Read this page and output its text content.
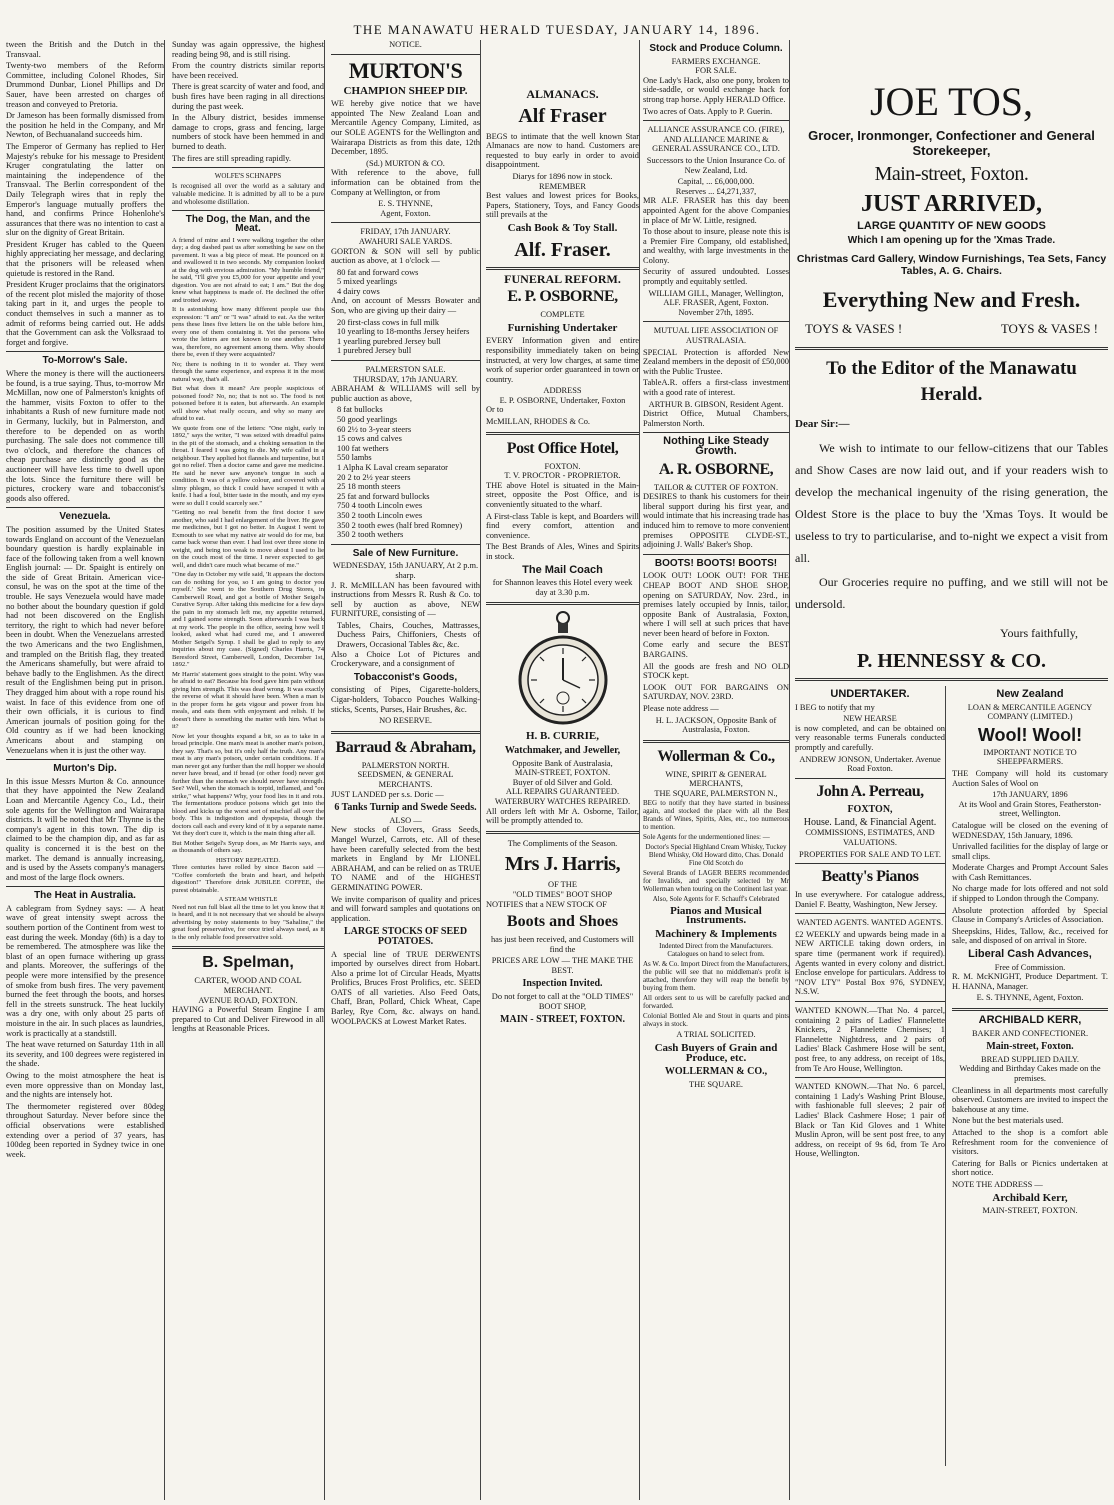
THE MANAWATU HERALD TUESDAY, JANUARY 14, 1896.

tween the British and the Dutch in the Transvaal.

Twenty-two members of the Reform Committee, including Colonel Rhodes, Sir Drummond Dunbar, Lionel Phillips and Dr Sauer, have been arrested on charges of treason and conveyed to Pretoria.

Dr Jameson has been formally dismissed from the position he held in the Company, and Mr Newton, of Bechuanaland succeeds him.

The Emperor of Germany has replied to Her Majesty's rebuke for his message to President Kruger congratulating the latter on maintaining the independence of the Transvaal. The Berlin correspondent of the Daily Telegraph wires that in reply the Emperor's language mutually proffers the hand, and confirms Prince Hohenlohe's assurances that there was no intention to cast a slur on the dignity of Great Britain.

President Kruger has cabled to the Queen highly appreciating her message, and declaring that the prisoners will be released when quietude is restored in the Rand.

President Kruger proclaims that the originators of the recent plot misled the majority of those taking part in it, and urges the people to conduct themselves in such a manner as to admit of reforms being carried out. He adds that the Government can ask the Volksraad to forget and forgive.

To-Morrow's Sale.

Where the money is there will the auctioneers be found, is a true saying. Thus, to-morrow Mr McMillan, now one of Palmerston's knights of the hammer, visits Foxton to offer to the inhabitants a Rush of new furniture made not in Germany, luckily, but in Palmerston, and therefore to be depended on as worth purchasing. The sale does not commence till two o'clock, and therefore the chances of cheap purchase are distinctly good as the auctioneer will have less time to dwell upon the lots. Since the furniture there will be pictures, crockery ware and tobacconist's goods also offered.

Venezuela.

The position assumed by the United States towards England on account of the Venezuelan boundary question is hardly explainable in face of the following taken from a well known English journal: — Dr. Spaight is entirely on the side of Great Britain. American vice-consul, he was on the spot at the time of the trouble. He says Venezuela would have made no bother about the boundary question if gold had not been discovered on the English territory, the right to which had never before been in doubt. When the Venezuelans arrested the two Americans and the two Englishmen, and trampled on the British flag, they treated the Americans shamefully, but were afraid to behave badly to the Englishmen. As the direct result of the Englishmen being put in prison. They dragged him about with a rope round his waist. In face of this evidence from one of their own officials, it is curious to find American journals of position going for the Old country as if we had been knocking Americans about and stamping on Venezuelans when it is just the other way.

Murton's Dip.

In this issue Messrs Murton & Co. announce that they have appointed the New Zealand Loan and Mercantile Agency Co., Ld., their sole agents for the Wellington and Wairarapa districts. It will be noted that Mr Thynne is the company's agent in this town. The dip is claimed to be the champion dip, and as far as quality is concerned it is the best on the market. The demand is annually increasing, and is used by the Assets company's managers and most of the large flock owners.

The Heat in Australia.

A cablegram from Sydney says: — A heat wave of great intensity swept across the southern portion of the Continent from west to east during the week. Monday (6th) is a day to be remembered. The atmosphere was like the blast of an open furnace withering up grass and plants. Moreover, the sufferings of the people were more intensified by the presence of smoke from bush fires. The very pavement burned the feet through the boots, and horses fell in the streets sunstruck. The heat luckily was a dry one, with only about 25 parts of moisture in the air. In such places as laundries, work is practically at a standstill.

The heat wave returned on Saturday 11th in all its severity, and 100 degrees were registered in the shade.

Owing to the moist atmosphere the heat is even more oppressive than on Monday last, and the nights are intensely hot.

The thermometer registered over 80deg throughout Saturday. Never before since the official observations were established extending over a period of 37 years, has 100deg been reported in Sydney twice in one week.

Sunday was again oppressive, the highest reading being 98, and is still rising.

From the country districts similar reports have been received.

There is great scarcity of water and food, and bush fires have been raging in all directions during the past week.

In the Albury district, besides immense damage to crops, grass and fencing, large numbers of stock have been hemmed in and burned to death.

The fires are still spreading rapidly.

WOLFE'S SCHNAPPS

Is recognised all over the world as a salutary and valuable medicine. It is admitted by all to be a pure and wholesome distillation.

The Dog, the Man, and the Meat.

A friend of mine and I were walking together the other day; a dog dashed past us after something he saw on the pavement. It was a big piece of meat. He pounced on it and swallowed it in two seconds. My companion looked at the dog with envious admiration. "My humble friend," he said, "I'll give you £5,000 for your appetite and your digestion. You are not afraid to eat; I am." But the dog knew what happiness is made of. He declined the offer and trotted away.

It is astonishing how many different people use this expression: "I am" or "I was" afraid to eat. As the writer pens these lines five letters lie on the table before him, every one of them containing it. Yet the persons who wrote the letters are not known to one another. There was, therefore, no agreement among them. Why should there be, even if they were acquainted?

No; there is nothing in it to wonder at. They went through the same experience, and express it in the most natural way, that's all.

But what does it mean? Are people suspicious of poisoned food? No, no; that is not so. The food is not poisoned before it is eaten, but afterwards. An example will show what really occurs, and why so many are afraid to eat.

We quote from one of the letters: "One night, early in 1892," says the writer, "I was seized with dreadful pains in the pit of the stomach, and a choking sensation in the throat. I feared I was going to die. My wife called in a neighbour. They applied hot flannels and turpentine, but I got no relief. Then a doctor came and gave me medicine. He said he never saw anyone's tongue in such a condition. It was of a yellow colour, and covered with a slimy phlegm, so thick I could have scraped it with a knife. I had a foul, bitter taste in the mouth, and my eyes were so dull I could scarcely see."

"Getting no real benefit from the first doctor I saw another, who said I had enlargement of the liver. He gave me medicines, but I got no better. In August I went to Exmouth to see what my native air would do for me, but came back worse than ever. I had lost over three stone in weight, and being too weak to move about I used to lie on the couch most of the time. I never expected to get well, and didn't care much what became of me."

"One day in October my wife said, 'It appears the doctors can do nothing for you, so I am going to doctor you myself.' She went to the Southern Drug Stores, in Camberwell Road, and got a bottle of Mother Seigel's Curative Syrup. After taking this medicine for a few days the pain in my stomach left me, my appetite returned, and I gained some strength. Soon afterwards I was back at my work. The people in the office, seeing how well I looked, asked what had cured me, and I answered Mother Seigel's Syrup. I shall be glad to reply to any inquiries about my case. (Signed) Charles Harris, 74 Beresford Street, Camberwell, London, December 1st, 1892."

Mr Harris' statement goes straight to the point. Why was he afraid to eat? Because his food gave him pain without giving him strength. This was dead wrong. It was exactly the reverse of what it should have been. When a man is in the proper form he gets vigour and power from his meals, and eats them with enjoyment and relish. If he doesn't there is something the matter with him. What is it?

Now let your thoughts expand a bit, so as to take in a broad principle. One man's meat is another man's poison, they say. That's so, but it's only half the truth. Any man's meat is any man's poison, under certain conditions. If a man never got any further than the mill hopper we should never have bread, and if bread (or other food) never got further than the stomach we should never have strength. See? Well, when the stomach is torpid, inflamed, and "on strike," what happens? Why, your food lies in it and rots. The fermentations produce poisons which get into the blood and kicks up the worst sort of mischief all over the body. This is indigestion and dyspepsia, though the doctors call each and every kind of it by a separate name. Yet they don't cure it, which is the main thing after all.

But Mother Seigel's Syrup does, as Mr Harris says, and as thousands of others say.

HISTORY REPEATED.

Three centuries have rolled by since Bacon said — "Coffee comforteth the brain and heart, and helpeth digestion!" Therefore drink JUBILEE COFFEE, the purest obtainable.

A STEAM WHISTLE

Need not run full blast all the time to let you know that it is heard, and it is not necessary that we should be always advertising by noisy statements to buy "Sahaline," the great food preservative, for once tried always used, as it is the only reliable food preservative sold.

B. Spelman,
CARTER, WOOD AND COAL MERCHANT.
AVENUE ROAD, FOXTON.

HAVING a Powerful Steam Engine I am prepared to Cut and Deliver Firewood in all lengths at Reasonable Prices.

NOTICE.
MURTON'S
CHAMPION SHEEP DIP.

WE hereby give notice that we have appointed The New Zealand Loan and Mercantile Agency Company, Limited, as our SOLE AGENTS for the Wellington and Wairarapa Districts as from this date, 12th December, 1895.

(Sd.) MURTON & CO.

With reference to the above, full information can be obtained from the Company at Wellington, or from

E. S. THYNNE,
Agent, Foxton.
FRIDAY, 17th JANUARY.
AWAHURI SALE YARDS.

GORTON & SON will sell by public auction as above, at 1 o'clock —

80 fat and forward cows

5 mixed yearlings

4 dairy cows

And, on account of Messrs Bowater and Son, who are giving up their dairy —

20 first-class cows in full milk

10 yearling to 18-months Jersey heifers

1 yearling purebred Jersey bull

1 purebred Jersey bull

PALMERSTON SALE.
THURSDAY, 17th JANUARY.

ABRAHAM & WILLIAMS will sell by public auction as above,

8 fat bullocks

50 good yearlings

60 2½ to 3-year steers

15 cows and calves

100 fat wethers

550 lambs

1 Alpha K Laval cream separator

20 2 to 2½ year steers

25 18 month steers

25 fat and forward bullocks

750 4 tooth Lincoln ewes

350 2 tooth Lincoln ewes

350 2 tooth ewes (half bred Romney)

350 2 tooth wethers

Sale of New Furniture.
WEDNESDAY, 15th JANUARY, At 2 p.m. sharp.

J. R. McMILLAN has been favoured with instructions from Messrs R. Rush & Co. to sell by auction as above, NEW FURNITURE, consisting of —

Tables, Chairs, Couches, Mattrasses, Duchess Pairs, Chiffoniers, Chests of Drawers, Occasional Tables &c, &c.

Also a Choice Lot of Pictures and Crockeryware, and a consignment of

Tobacconist's Goods,

consisting of Pipes, Cigarette-holders, Cigar-holders, Tobacco Pouches Walking-sticks, Scents, Purses, Hair Brushes, &c.

NO RESERVE.
Barraud & Abraham,
PALMERSTON NORTH.
SEEDSMEN, & GENERAL MERCHANTS.

JUST LANDED per s.s. Doric —

6 Tanks Turnip and Swede Seeds.
ALSO —

New stocks of Clovers, Grass Seeds, Mangel Wurzel, Carrots, etc. All of these have been carefully selected from the best markets in England by Mr LIONEL ABRAHAM, and can be relied on as TRUE TO NAME and of the HIGHEST GERMINATING POWER.

We invite comparison of quality and prices and will forward samples and quotations on application.

LARGE STOCKS OF SEED POTATOES.

A special line of TRUE DERWENTS imported by ourselves direct from Hobart. Also a prime lot of Circular Heads, Myatts Prolifics, Bruces Frost Prolifics, etc. SEED OATS of all varieties. Also Feed Oats, Chaff, Bran, Pollard, Chick Wheat, Cape Barley, Rye Corn, &c. always on hand. WOOLPACKS at Lowest Market Rates.

ALMANACS.
Alf Fraser

BEGS to intimate that the well known Star Almanacs are now to hand. Customers are requested to buy early in order to avoid disappointment.

Diarys for 1896 now in stock.
REMEMBER

Best values and lowest prices for Books, Papers, Stationery, Toys, and Fancy Goods still prevails at the

Cash Book & Toy Stall.
Alf. Fraser.
FUNERAL REFORM.
E. P. OSBORNE,
COMPLETE
Furnishing Undertaker

EVERY Information given and entire responsibility immediately taken on being instructed, at very low charges, at same time work of superior order guaranteed in town or country.

ADDRESS
E. P. OSBORNE, Undertaker, Foxton

Or to

McMILLAN, RHODES & Co.

Post Office Hotel,
FOXTON.
T. V. PROCTOR - PROPRIETOR.

THE above Hotel is situated in the Main-street, opposite the Post Office, and is conveniently situated to the wharf.

A First-class Table is kept, and Boarders will find every comfort, attention and convenience.

The Best Brands of Ales, Wines and Spirits in stock.

The Mail Coach

for Shannon leaves this Hotel every week day at 3.30 p.m.

H. B. CURRIE,
Watchmaker, and Jeweller,
Opposite Bank of Australasia,
MAIN-STREET, FOXTON.
Buyer of old Silver and Gold.
ALL REPAIRS GUARANTEED.
WATERBURY WATCHES REPAIRED.

All orders left with Mr A. Osborne, Tailor, will be promptly attended to.

The Compliments of the Season.
Mrs J. Harris,
OF THE
"OLD TIMES" BOOT SHOP

NOTIFIES that a NEW STOCK OF

Boots and Shoes

has just been received, and Customers will find the

PRICES ARE LOW — THE MAKE THE BEST.
Inspection Invited.
Do not forget to call at the "OLD TIMES" BOOT SHOP,
MAIN - STREET, FOXTON.
Stock and Produce Column.
FARMERS EXCHANGE.
FOR SALE.

One Lady's Hack, also one pony, broken to side-saddle, or would exchange hack for strong trap horse. Apply HERALD Office.

Two acres of Oats. Apply to P. Guerin.

ALLIANCE ASSURANCE CO. (FIRE), AND ALLIANCE MARINE & GENERAL ASSURANCE CO., LTD.

Successors to the Union Insurance Co. of New Zealand, Ltd.

Capital, ... £6,000,000.
Reserves ... £4,271,337,

MR ALF. FRASER has this day been appointed Agent for the above Companies in place of Mr W. Little, resigned.

To those about to insure, please note this is a Premier Fire Company, old established, and wealthy, with large investments in the Colony.

Security of assured undoubted. Losses promptly and equitably settled.

WILLIAM GILL, Manager, Wellington,
ALF. FRASER, Agent, Foxton.
November 27th, 1895.

MUTUAL LIFE ASSOCIATION OF AUSTRALASIA.

SPECIAL Protection is afforded New Zealand members in the deposit of £50,000 with the Public Trustee.

TableA.R. offers a first-class investment with a good rate of interest.

ARTHUR B. GIBSON, Resident Agent.

District Office, Mutual Chambers, Palmerston North.

Nothing Like Steady Growth.
A. R. OSBORNE,
TAILOR & CUTTER OF FOXTON.

DESIRES to thank his customers for their liberal support during his first year, and would intimate that his increasing trade has induced him to remove to more convenient premises OPPOSITE CLYDE-ST., adjoining J. Walls' Baker's Shop.

BOOTS! BOOTS! BOOTS!

LOOK OUT! LOOK OUT! FOR THE CHEAP BOOT AND SHOE SHOP, opening on SATURDAY, Nov. 23rd., in premises lately occupied by Innis, tailor, opposite Bank of Australasia, Foxton, where I will sell at such prices that have never been heard of before in Foxton.

Come early and secure the BEST BARGAINS.

All the goods are fresh and NO OLD STOCK kept.

LOOK OUT FOR BARGAINS ON SATURDAY, NOV. 23RD.

Please note address —

H. L. JACKSON, Opposite Bank of Australasia, Foxton.

Wollerman & Co.,
WINE, SPIRIT & GENERAL MERCHANTS,
THE SQUARE, PALMERSTON N.,

BEG to notify that they have started in business again, and stocked the place with all the Best Brands of Wines, Spirits, Ales, etc., too numerous to mention.

Sole Agents for the undermentioned lines: —

Doctor's Special Highland Cream Whisky, Tuckey Blend Whisky, Old Howard ditto, Chas. Donald Fine Old Scotch do

Several Brands of LAGER BEERS recommended for Invalids, and specially selected by Mr Wollerman when touring on the Continent last year.

Also, Sole Agents for F. Schauff's Celebrated

Pianos and Musical Instruments.
Machinery & Implements

Indented Direct from the Manufacturers. Catalogues on hand to select from.

As W. & Co. Import Direct from the Manufacturers, the public will see that no middleman's profit is attached, therefore they will reap the benefit by buying from them.

All orders sent to us will be carefully packed and forwarded.

Colonial Bottled Ale and Stout in quarts and pints always in stock.

A TRIAL SOLICITED.
Cash Buyers of Grain and Produce, etc.
WOLLERMAN & CO.,
THE SQUARE.
JOE TOS,
Grocer, Ironmonger, Confectioner and General Storekeeper,
Main-street, Foxton.
JUST ARRIVED,
LARGE QUANTITY OF NEW GOODS
Which I am opening up for the 'Xmas Trade.
Christmas Card Gallery, Window Furnishings, Tea Sets, Fancy Tables, A. G. Chairs.
Everything New and Fresh.
TOYS & VASES !	TOYS & VASES !
To the Editor of the Manawatu
Herald.
Dear Sir:—

We wish to intimate to our fellow-citizens that our Tables and Show Cases are now laid out, and if your readers wish to develop the mechanical ingenuity of the rising generation, the Oldest Store is the place to buy the 'Xmas Toys. It would be useless to try to particularise, and to-night we expect a visit from all.

Our Groceries require no puffing, and we still will not be undersold.

Yours faithfully,
P. HENNESSY & CO.
UNDERTAKER.

I BEG to notify that my

NEW HEARSE

is now completed, and can be obtained on very reasonable terms Funerals conducted promptly and carefully.

ANDREW JONSON, Undertaker. Avenue Road Foxton.

John A. Perreau,
FOXTON,
House. Land, & Financial Agent.

COMMISSIONS, ESTIMATES, AND VALUATIONS.

PROPERTIES FOR SALE AND TO LET.

Beatty's Pianos

In use everywhere. For catalogue address, Daniel F. Beatty, Washington, New Jersey.

WANTED AGENTS. WANTED AGENTS.

£2 WEEKLY and upwards being made in a NEW ARTICLE taking down orders, in spare time (permanent work if required). Agents wanted in every colony and district. Enclose envelope for particulars. Address to "NOV LTY" Postal Box 976, SYDNEY, N.S.W.

WANTED KNOWN.—That No. 4 parcel, containing 2 pairs of Ladies' Flannelette Knickers, 2 Flannelette Chemises; 1 Flannelette Nightdress, and 2 pairs of Ladies' Black Cashmere Hose will be sent, post free, to any address, on receipt of 18s, from Te Aro House, Wellington.

WANTED KNOWN.—That No. 6 parcel, containing 1 Lady's Washing Print Blouse, with fashionable full sleeves; 2 pair of Ladies' Black Cashmere Hose; 1 pair of Black or Tan Kid Gloves and 1 White Muslin Apron, will be sent post free, to any address, on receipt of 9s 6d, from Te Aro House, Wellington.

New Zealand

LOAN & MERCANTILE AGENCY COMPANY (LIMITED.)

Wool! Wool!

IMPORTANT NOTICE TO SHEEPFARMERS.

THE Company will hold its customary Auction Sales of Wool on

17th JANUARY, 1896

At its Wool and Grain Stores, Featherston-street, Wellington.

Catalogue will be closed on the evening of WEDNESDAY, 15th January, 1896.

Unrivalled facilities for the display of large or small clips.

Moderate Charges and Prompt Account Sales with Cash Remittances.

No charge made for lots offered and not sold if shipped to London through the Company.

Absolute protection afforded by Special Clause in Company's Articles of Association.

Sheepskins, Hides, Tallow, &c., received for sale, and disposed of on arrival in Store.

Liberal Cash Advances,
Free of Commission.

R. M. McKNIGHT, Produce Department. T. H. HANNA, Manager.

E. S. THYNNE, Agent, Foxton.

ARCHIBALD KERR,
BAKER AND CONFECTIONER.
Main-street, Foxton.
BREAD SUPPLIED DAILY.

Wedding and Birthday Cakes made on the premises.

Cleanliness in all departments most carefully observed. Customers are invited to inspect the bakehouse at any time.

None but the best materials used.

Attached to the shop is a comfort able Refreshment room for the convenience of visitors.

Catering for Balls or Picnics undertaken at short notice.

NOTE THE ADDRESS —

Archibald Kerr,
MAIN-STREET, FOXTON.
